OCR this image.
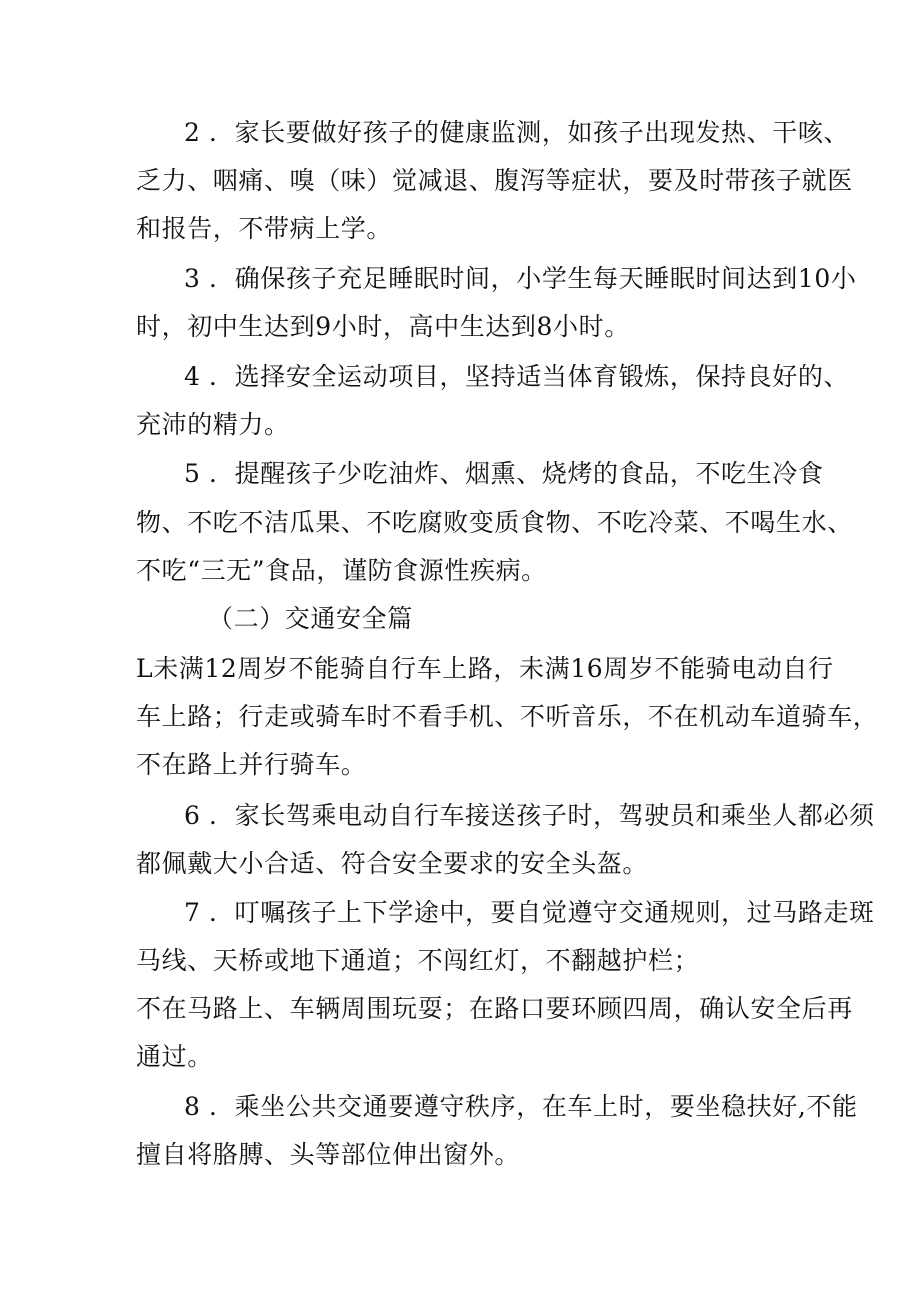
2 ．家长要做好孩子的健康监测，如孩子出现发热、干咳、
乏力、咽痛、嗅（味）觉减退、腹泻等症状，要及时带孩子就医
和报告，不带病上学。
3 ．确保孩子充足睡眠时间，小学生每天睡眠时间达到10小
时，初中生达到9小时，高中生达到8小时。
4 ．选择安全运动项目，坚持适当体育锻炼，保持良好的、
充沛的精力。
5 ．提醒孩子少吃油炸、烟熏、烧烤的食品，不吃生冷食
物、不吃不洁瓜果、不吃腐败变质食物、不吃冷菜、不喝生水、
不吃“三无”食品，谨防食源性疾病。
（二）交通安全篇
L未满12周岁不能骑自行车上路，未满16周岁不能骑电动自行
车上路；行走或骑车时不看手机、不听音乐，不在机动车道骑车，
不在路上并行骑车。
6 ．家长驾乘电动自行车接送孩子时，驾驶员和乘坐人都必须
都佩戴大小合适、符合安全要求的安全头盔。
7 ．叮嘱孩子上下学途中，要自觉遵守交通规则，过马路走斑
马线、天桥或地下通道；不闯红灯，不翻越护栏；
不在马路上、车辆周围玩耍；在路口要环顾四周，确认安全后再
通过。
8 ．乘坐公共交通要遵守秩序，在车上时，要坐稳扶好,不能
擅自将胳膊、头等部位伸出窗外。
